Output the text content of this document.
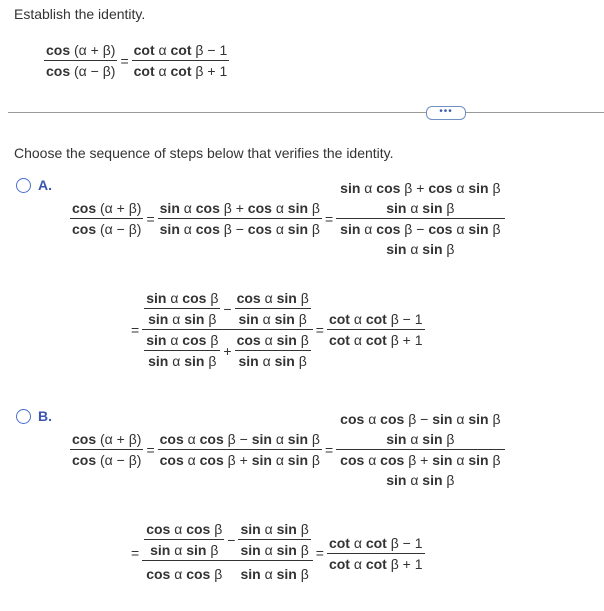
Establish the identity.
$\frac{\cos (\alpha + \beta)}{\cos (\alpha - \beta)} = \frac{\text{cot α cot β − 1}}{\text{cot α cot β + 1}}$
•••
Choose the sequence of steps below that verifies the identity.
A.
$\frac{\cos (\alpha + \beta)}{\cos (\alpha - \beta)} = \frac{\text{sin α cos β + cos α sin β}}{\text{sin α cos β − cos α sin β}} = \sin \alpha$ cos β + cos α sin β
sin α sin β
sin α cos β − cos α sin β
sin α sin β
=
$\frac{\text{sin α cos β}}{\text{sin α sin β}} - \frac{\text{cos α sin β}}{\text{sin α sin β}}$
$\frac{\text{sin α cos β}}{\text{sin α sin β}} + \frac{\text{cos α sin β}}{\text{sin α sin β}}$
= $\frac{\text{cot α cot β − 1}}{\text{cot α cot β + 1}}$
B.
$\frac{\cos (\alpha + \beta)}{\cos (\alpha - \beta)} = \frac{\text{cos α cos β − sin α sin β}}{\text{cos α cos β + sin α sin β}} = \cos \alpha$ cos β − sin α sin β
sin α sin β
cos α cos β + sin α sin β
sin α sin β
= $\frac{\text{cos α cos β}}{\text{sin α sin β}} - \frac{\text{sin α sin β}}{\text{sin α sin β}}$
cos α cos β sin α sin β
= $\frac{\text{cot α cot β − 1}}{\text{cot α cot β + 1}}$
